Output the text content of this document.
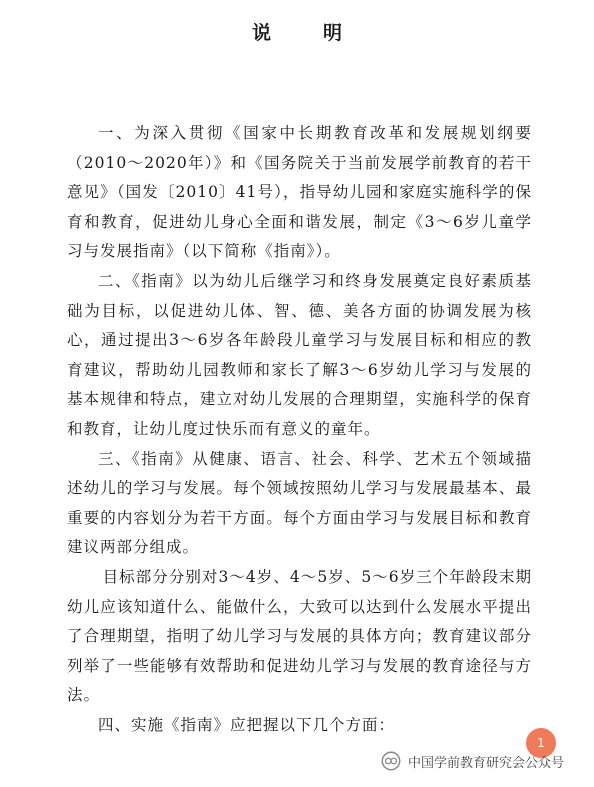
说明

一、为深入贯彻《国家中长期教育改革和发展规划纲要（2010～2020年）》和《国务院关于当前发展学前教育的若干意见》（国发〔2010〕41号），指导幼儿园和家庭实施科学的保育和教育，促进幼儿身心全面和谐发展，制定《3～6岁儿童学习与发展指南》（以下简称《指南》）。

二、《指南》以为幼儿后继学习和终身发展奠定良好素质基础为目标，以促进幼儿体、智、德、美各方面的协调发展为核心，通过提出3～6岁各年龄段儿童学习与发展目标和相应的教育建议，帮助幼儿园教师和家长了解3～6岁幼儿学习与发展的基本规律和特点，建立对幼儿发展的合理期望，实施科学的保育和教育，让幼儿度过快乐而有意义的童年。

三、《指南》从健康、语言、社会、科学、艺术五个领域描述幼儿的学习与发展。每个领域按照幼儿学习与发展最基本、最重要的内容划分为若干方面。每个方面由学习与发展目标和教育建议两部分组成。

目标部分分别对3～4岁、4～5岁、5～6岁三个年龄段末期幼儿应该知道什么、能做什么，大致可以达到什么发展水平提出了合理期望，指明了幼儿学习与发展的具体方向；教育建议部分列举了一些能够有效帮助和促进幼儿学习与发展的教育途径与方法。

四、实施《指南》应把握以下几个方面：

1
中国学前教育研究会公众号
